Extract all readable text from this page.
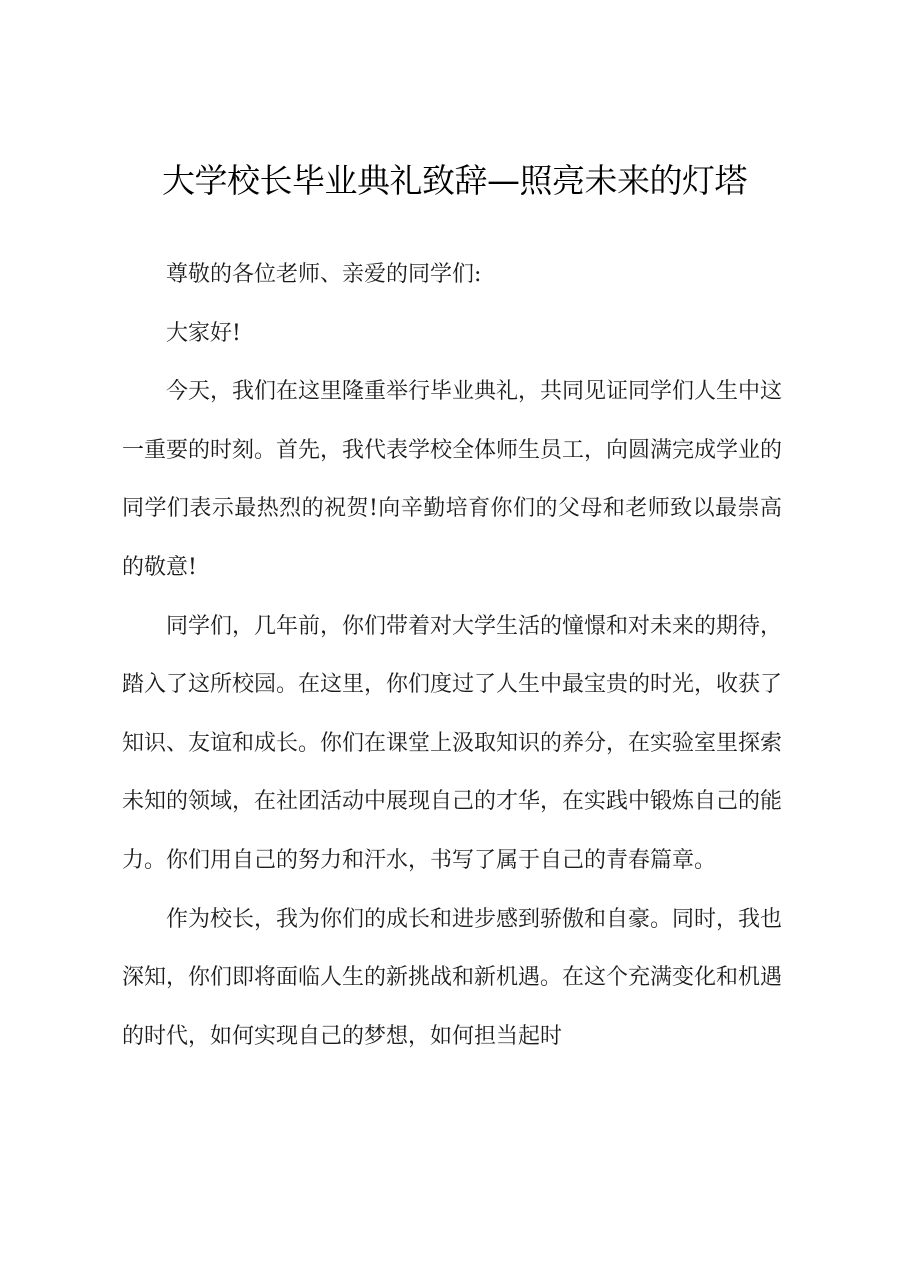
大学校长毕业典礼致辞—照亮未来的灯塔

尊敬的各位老师、亲爱的同学们:

大家好!

今天，我们在这里隆重举行毕业典礼，共同见证同学们人生中这一重要的时刻。首先，我代表学校全体师生员工，向圆满完成学业的同学们表示最热烈的祝贺!向辛勤培育你们的父母和老师致以最崇高的敬意!

同学们，几年前，你们带着对大学生活的憧憬和对未来的期待，踏入了这所校园。在这里，你们度过了人生中最宝贵的时光，收获了知识、友谊和成长。你们在课堂上汲取知识的养分，在实验室里探索未知的领域，在社团活动中展现自己的才华，在实践中锻炼自己的能力。你们用自己的努力和汗水，书写了属于自己的青春篇章。

作为校长，我为你们的成长和进步感到骄傲和自豪。同时，我也深知，你们即将面临人生的新挑战和新机遇。在这个充满变化和机遇的时代，如何实现自己的梦想，如何担当起时
